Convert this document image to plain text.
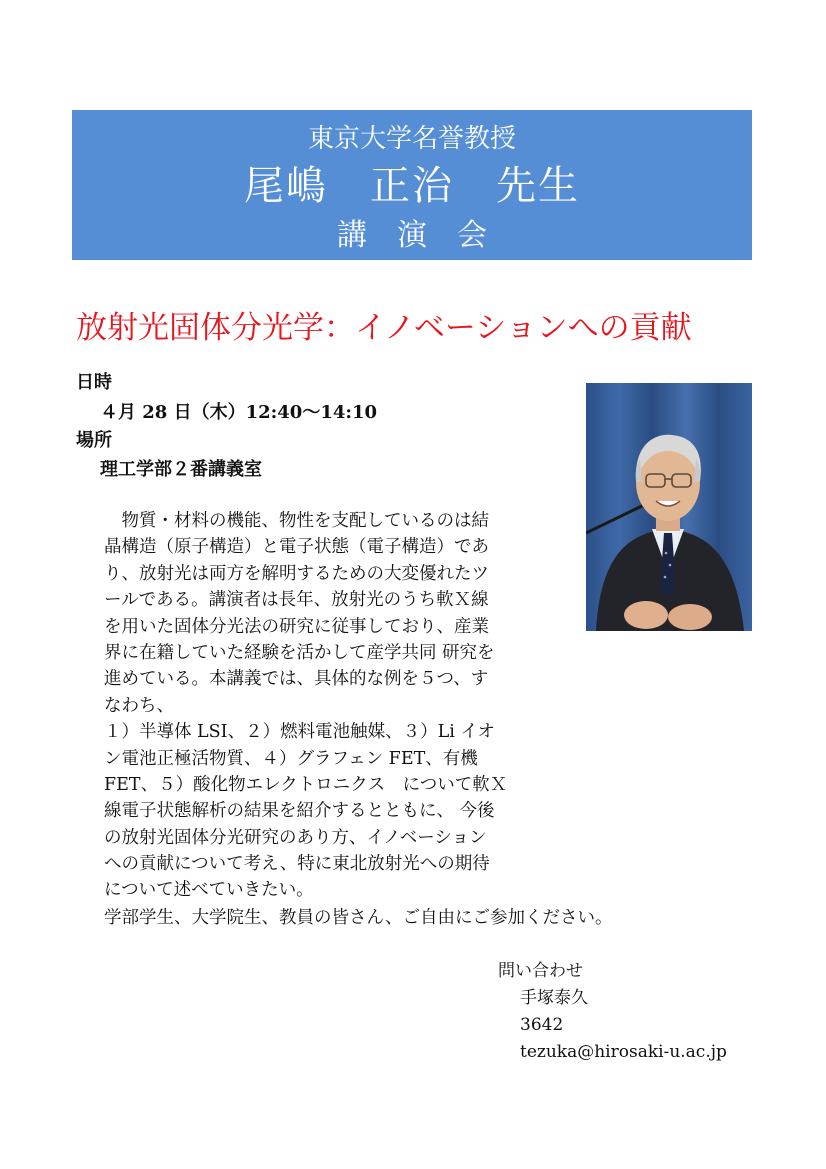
東京大学名誉教授
尾嶋　正治　先生
講　演　会
放射光固体分光学：イノベーションへの貢献
日時
４月 28 日（木）12:40～14:10
場所
理工学部２番講義室
　物質・材料の機能、物性を支配しているのは結
晶構造（原子構造）と電子状態（電子構造）であ
り、放射光は両方を解明するための大変優れたツ
ールである。講演者は長年、放射光のうち軟Ｘ線
を用いた固体分光法の研究に従事しており、産業
界に在籍していた経験を活かして産学共同 研究を
進めている。本講義では、具体的な例を５つ、す
なわち、
１）半導体 LSI、２）燃料電池触媒、３）Li イオ
ン電池正極活物質、４）グラフェン FET、有機
FET、５）酸化物エレクトロニクス　について軟Ｘ
線電子状態解析の結果を紹介するとともに、 今後
の放射光固体分光研究のあり方、イノベーション
への貢献について考え、特に東北放射光への期待
について述べていきたい。
学部学生、大学院生、教員の皆さん、ご自由にご参加ください。
問い合わせ
手塚泰久
3642
tezuka@hirosaki-u.ac.jp
